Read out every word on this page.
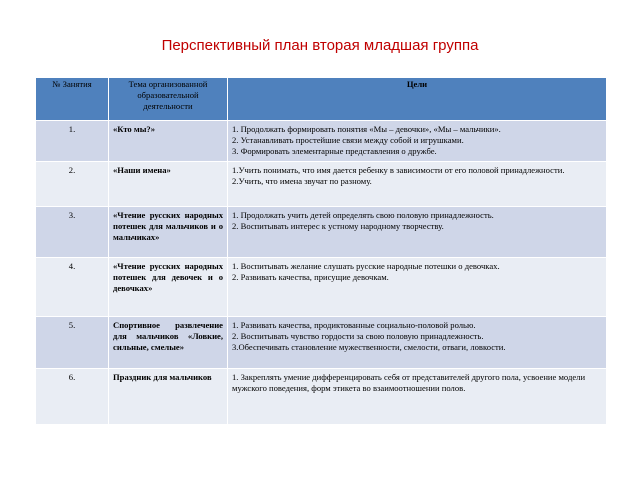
Перспективный план вторая младшая группа
№ Занятия	Тема организованной образовательной деятельности	Цели
1.	«Кто мы?»	1. Продолжать формировать понятия «Мы – девочки», «Мы – мальчики».
2. Устанавливать простейшие связи между собой и игрушками.
3. Формировать элементарные представления о дружбе.

2.	«Наши имена»	1.Учить понимать, что имя дается ребенку в зависимости от его половой принадлежности.
2.Учить, что имена звучат по разному.

3.	«Чтение русских народных потешек для мальчиков и о мальчиках»	1. Продолжать учить детей определять свою половую принадлежность.
2. Воспитывать интерес к устному народному творчеству.

4.	«Чтение русских народных потешек для девочек и о девочках»	1. Воспитывать желание слушать русские народные потешки о девочках.
2. Развивать качества, присущие девочкам.

5.	Спортивное развлечение для мальчиков «Ловкие, сильные, смелые»	1. Развивать качества, продиктованные социально-половой ролью.
2. Воспитывать чувство гордости за свою половую принадлежность.
3.Обеспечивать становление мужественности, смелости, отваги, ловкости.

6.	Праздник для мальчиков	1. Закреплять умение дифференцировать себя от представителей другого пола, усвоение модели мужского поведения, форм этикета во взаимоотношении полов.
